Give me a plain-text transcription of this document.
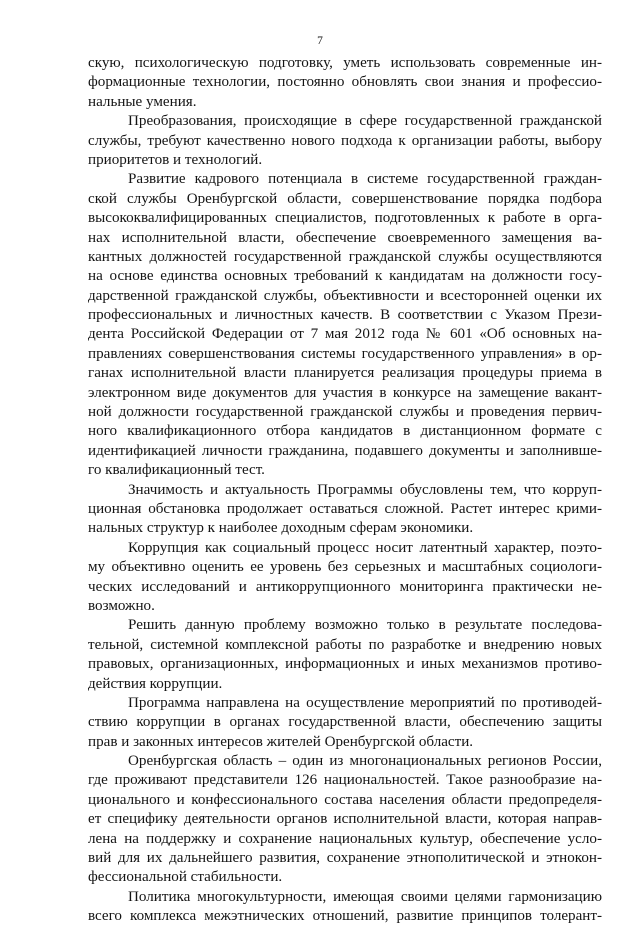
7
скую, психологическую подготовку, уметь использовать современные ин-
формационные технологии, постоянно обновлять свои знания и профессио-
нальные умения.
Преобразования, происходящие в сфере государственной гражданской
службы, требуют качественно нового подхода к организации работы, выбору
приоритетов и технологий.
Развитие кадрового потенциала в системе государственной граждан-
ской службы Оренбургской области, совершенствование порядка подбора
высококвалифицированных специалистов, подготовленных к работе в орга-
нах исполнительной власти, обеспечение своевременного замещения ва-
кантных должностей государственной гражданской службы осуществляются
на основе единства основных требований к кандидатам на должности госу-
дарственной гражданской службы, объективности и всесторонней оценки их
профессиональных и личностных качеств. В соответствии с Указом Прези-
дента Российской Федерации от 7 мая 2012 года № 601 «Об основных на-
правлениях совершенствования системы государственного управления» в ор-
ганах исполнительной власти планируется реализация процедуры приема в
электронном виде документов для участия в конкурсе на замещение вакант-
ной должности государственной гражданской службы и проведения первич-
ного квалификационного отбора кандидатов в дистанционном формате с
идентификацией личности гражданина, подавшего документы и заполнивше-
го квалификационный тест.
Значимость и актуальность Программы обусловлены тем, что корруп-
ционная обстановка продолжает оставаться сложной. Растет интерес крими-
нальных структур к наиболее доходным сферам экономики.
Коррупция как социальный процесс носит латентный характер, поэто-
му объективно оценить ее уровень без серьезных и масштабных социологи-
ческих исследований и антикоррупционного мониторинга практически не-
возможно.
Решить данную проблему возможно только в результате последова-
тельной, системной комплексной работы по разработке и внедрению новых
правовых, организационных, информационных и иных механизмов противо-
действия коррупции.
Программа направлена на осуществление мероприятий по противодей-
ствию коррупции в органах государственной власти, обеспечению защиты
прав и законных интересов жителей Оренбургской области.
Оренбургская область – один из многонациональных регионов России,
где проживают представители 126 национальностей. Такое разнообразие на-
ционального и конфессионального состава населения области предопределя-
ет специфику деятельности органов исполнительной власти, которая направ-
лена на поддержку и сохранение национальных культур, обеспечение усло-
вий для их дальнейшего развития, сохранение этнополитической и этнокон-
фессиональной стабильности.
Политика многокультурности, имеющая своими целями гармонизацию
всего комплекса межэтнических отношений, развитие принципов толерант-
